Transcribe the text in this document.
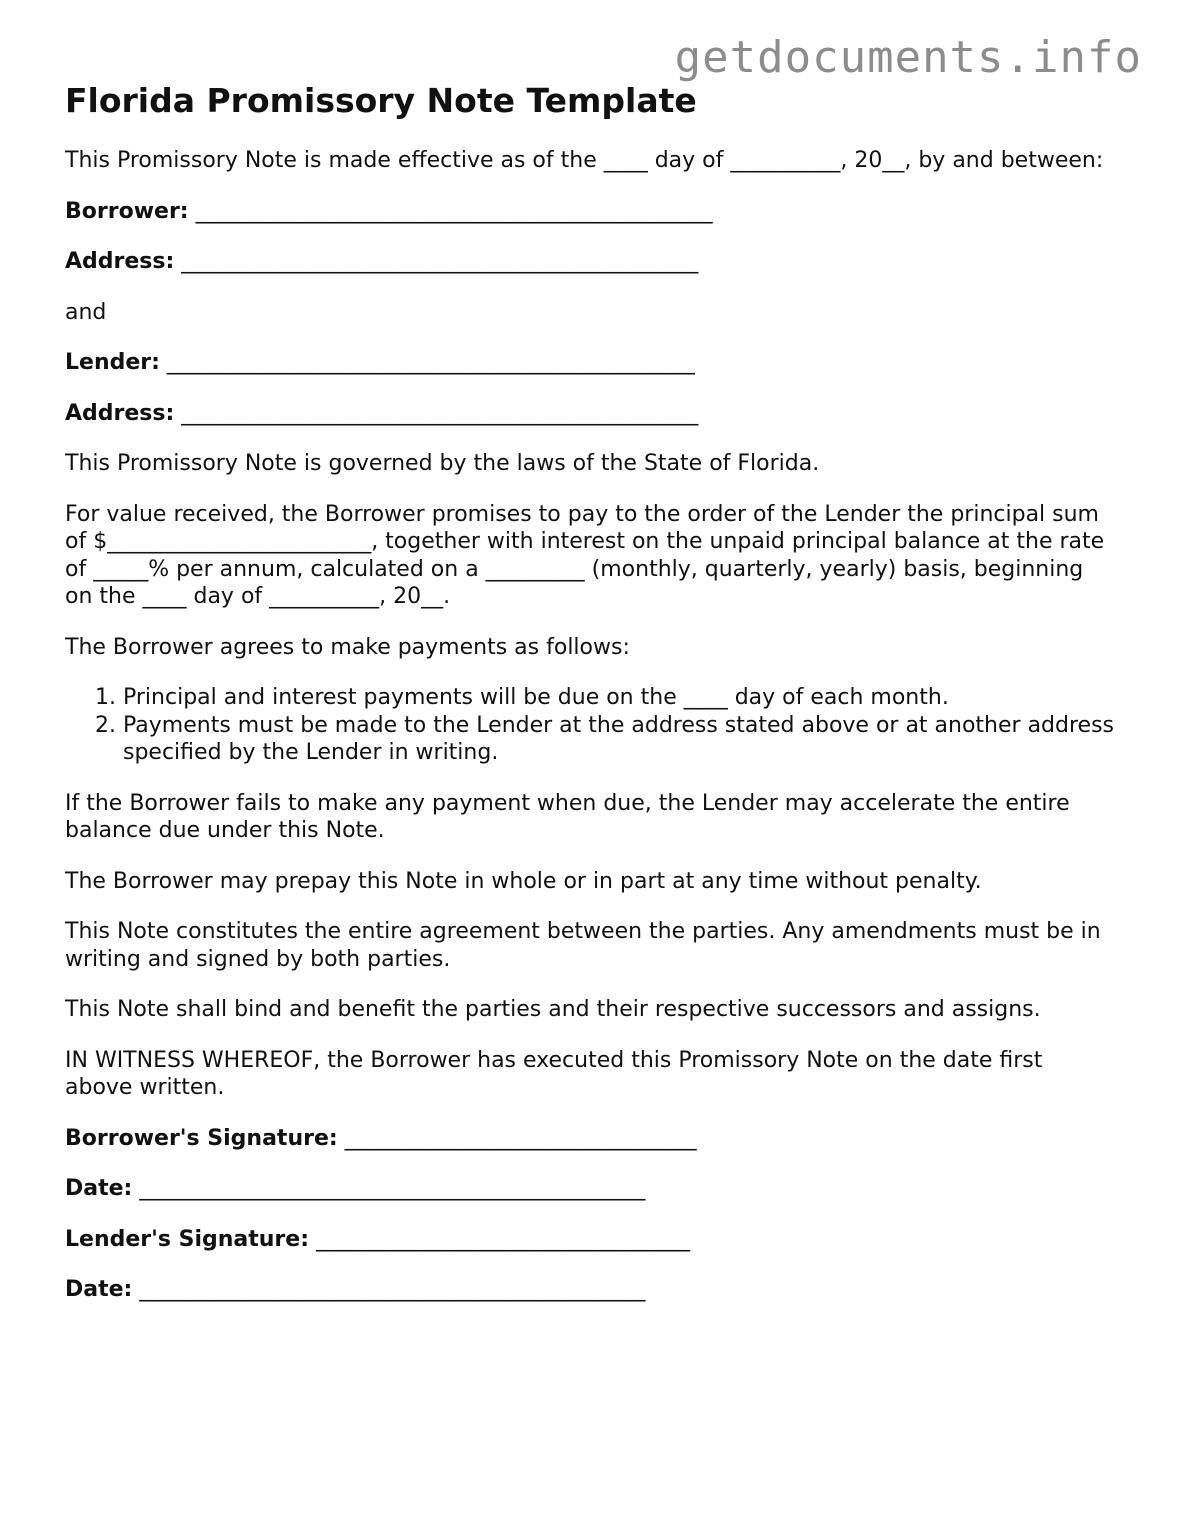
getdocuments.info
Florida Promissory Note Template

This Promissory Note is made effective as of the ____ day of __________, 20__, by and between:

Borrower: _______________________________________________

Address: _______________________________________________

and

Lender: ________________________________________________

Address: _______________________________________________

This Promissory Note is governed by the laws of the State of Florida.

For value received, the Borrower promises to pay to the order of the Lender the principal sum of $________________________, together with interest on the unpaid principal balance at the rate of _____% per annum, calculated on a _________ (monthly, quarterly, yearly) basis, beginning on the ____ day of __________, 20__.

The Borrower agrees to make payments as follows:

1. Principal and interest payments will be due on the ____ day of each month.
2. Payments must be made to the Lender at the address stated above or at another address specified by the Lender in writing.

If the Borrower fails to make any payment when due, the Lender may accelerate the entire balance due under this Note.

The Borrower may prepay this Note in whole or in part at any time without penalty.

This Note constitutes the entire agreement between the parties. Any amendments must be in writing and signed by both parties.

This Note shall bind and benefit the parties and their respective successors and assigns.

IN WITNESS WHEREOF, the Borrower has executed this Promissory Note on the date first above written.

Borrower's Signature: ________________________________

Date: ______________________________________________

Lender's Signature: __________________________________

Date: ______________________________________________
